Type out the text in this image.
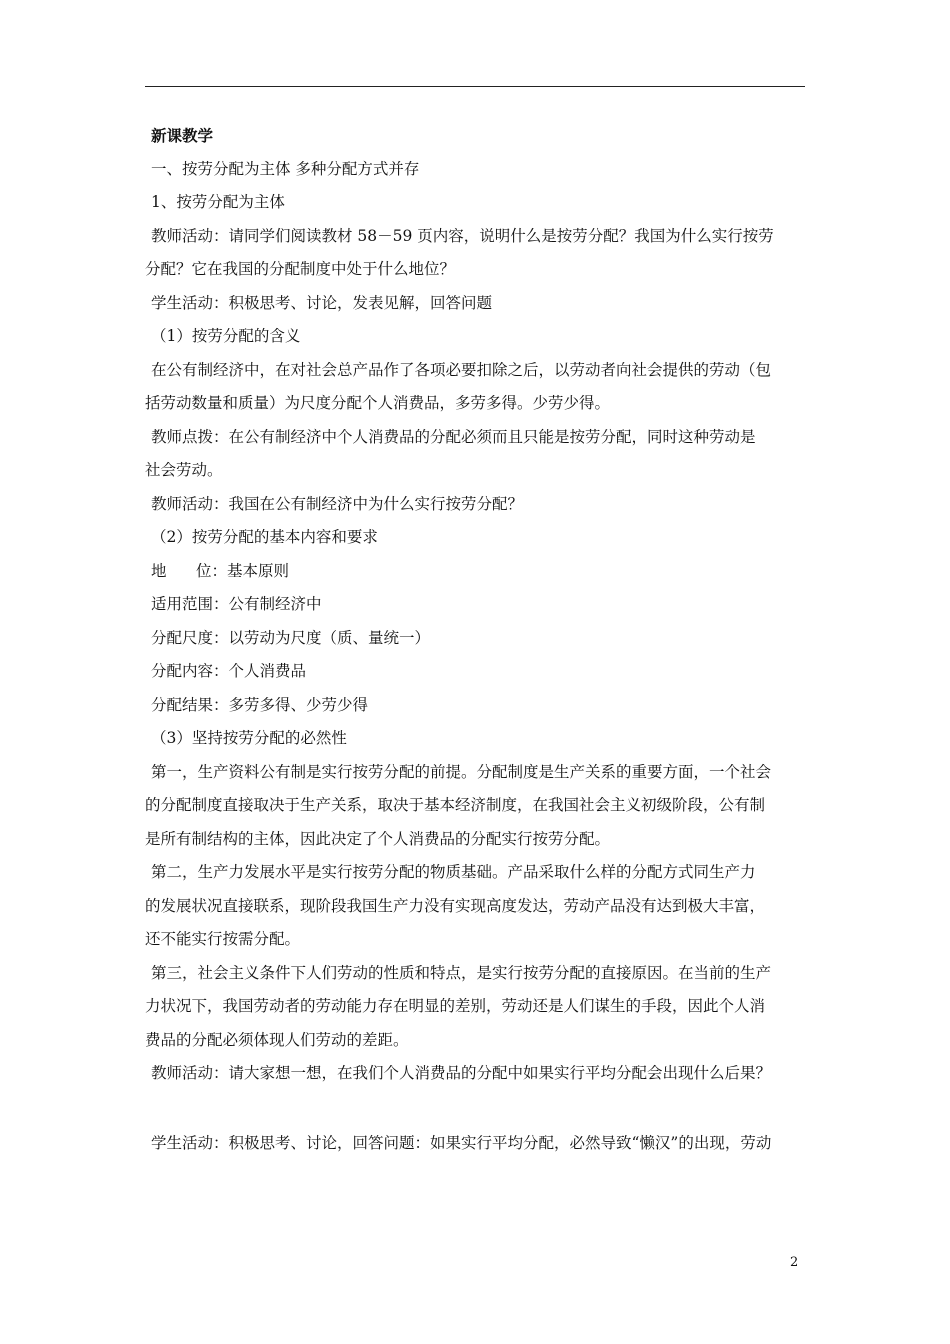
新课教学

一、按劳分配为主体 多种分配方式并存

1、按劳分配为主体

教师活动：请同学们阅读教材 58－59 页内容，说明什么是按劳分配？我国为什么实行按劳

分配？它在我国的分配制度中处于什么地位？

学生活动：积极思考、讨论，发表见解，回答问题

（1）按劳分配的含义

在公有制经济中，在对社会总产品作了各项必要扣除之后，以劳动者向社会提供的劳动（包

括劳动数量和质量）为尺度分配个人消费品，多劳多得。少劳少得。

教师点拨：在公有制经济中个人消费品的分配必须而且只能是按劳分配，同时这种劳动是

社会劳动。

教师活动：我国在公有制经济中为什么实行按劳分配？

（2）按劳分配的基本内容和要求

地      位：基本原则

适用范围：公有制经济中

分配尺度：以劳动为尺度（质、量统一）

分配内容：个人消费品

分配结果：多劳多得、少劳少得

（3）坚持按劳分配的必然性

第一，生产资料公有制是实行按劳分配的前提。分配制度是生产关系的重要方面，一个社会

的分配制度直接取决于生产关系，取决于基本经济制度，在我国社会主义初级阶段，公有制

是所有制结构的主体，因此决定了个人消费品的分配实行按劳分配。

第二，生产力发展水平是实行按劳分配的物质基础。产品采取什么样的分配方式同生产力

的发展状况直接联系，现阶段我国生产力没有实现高度发达，劳动产品没有达到极大丰富，

还不能实行按需分配。

第三，社会主义条件下人们劳动的性质和特点，是实行按劳分配的直接原因。在当前的生产

力状况下，我国劳动者的劳动能力存在明显的差别，劳动还是人们谋生的手段，因此个人消

费品的分配必须体现人们劳动的差距。

教师活动：请大家想一想，在我们个人消费品的分配中如果实行平均分配会出现什么后果？

学生活动：积极思考、讨论，回答问题：如果实行平均分配，必然导致“懒汉”的出现，劳动

2
